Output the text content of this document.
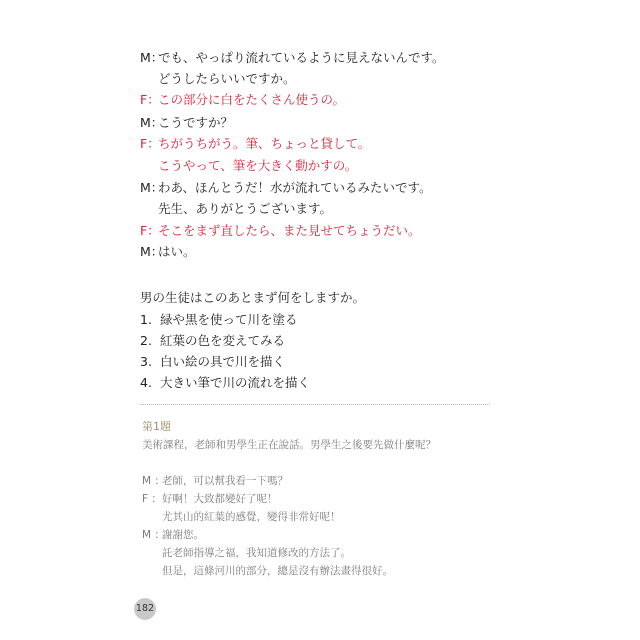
M：でも、やっぱり流れているように見えないんです。
どうしたらいいですか。
F：この部分に白をたくさん使うの。
M：こうですか？
F：ちがうちがう。筆、ちょっと貸して。
こうやって、筆を大きく動かすの。
M：わあ、ほんとうだ！水が流れているみたいです。
先生、ありがとうございます。
F：そこをまず直したら、また見せてちょうだい。
M：はい。
男の生徒はこのあとまず何をしますか。
1. 緑や黒を使って川を塗る
2. 紅葉の色を変えてみる
3. 白い絵の具で川を描く
4. 大きい筆で川の流れを描く
第1題
美術課程，老師和男學生正在說話。男學生之後要先做什麼呢？
M ：老師，可以幫我看一下嗎？
F ：好啊！大致都變好了呢！
尤其山的紅葉的感覺，變得非常好呢！
M ：謝謝您。
託老師指導之福，我知道修改的方法了。
但是，這條河川的部分，總是沒有辦法畫得很好。
182
